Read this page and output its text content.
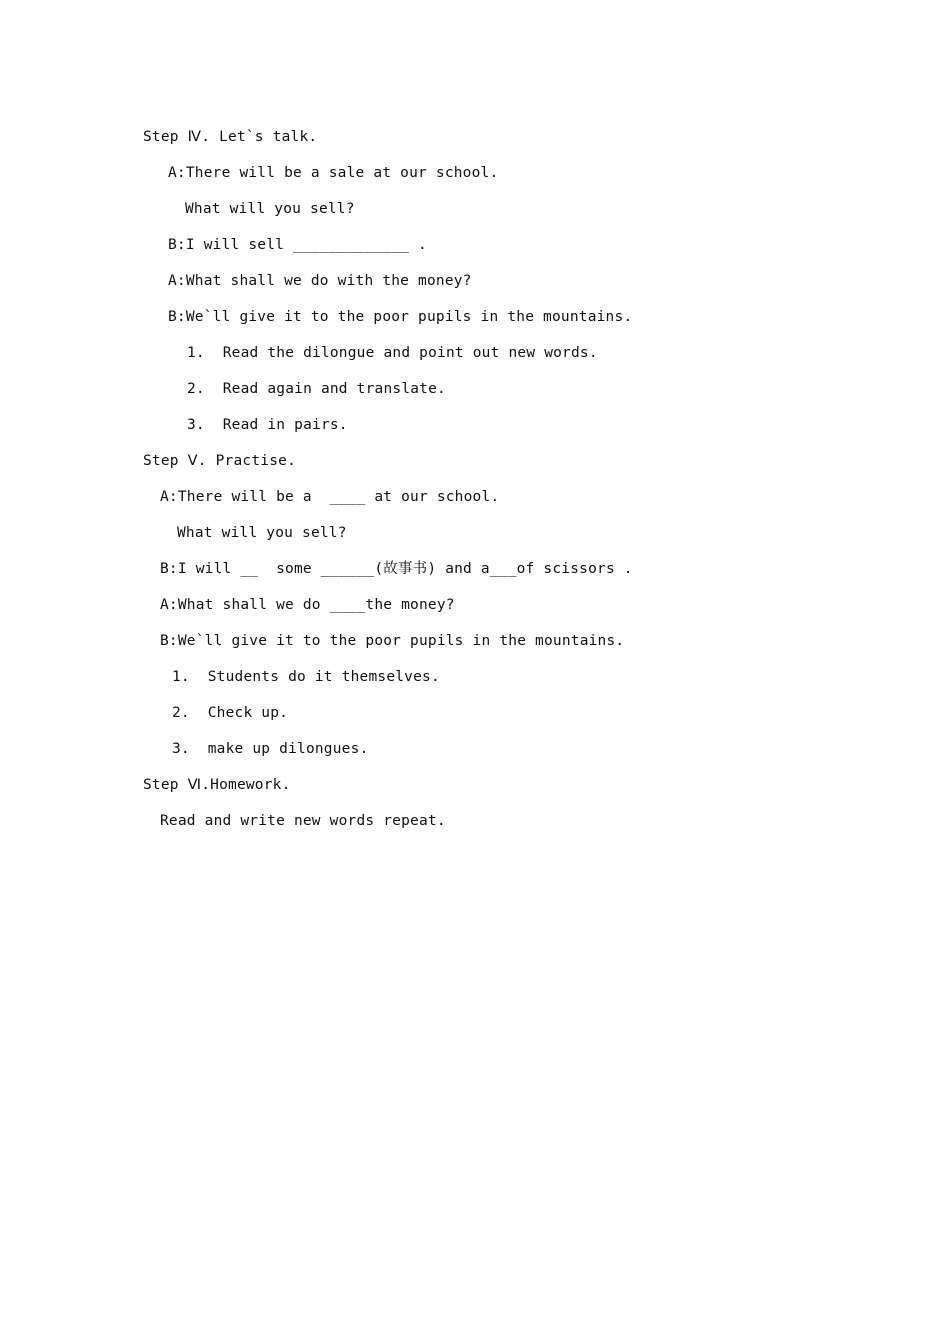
Step Ⅳ. Let`s talk.
A:There will be a sale at our school.
What will you sell?
B:I will sell _____________ .
A:What shall we do with the money?
B:We`ll give it to the poor pupils in the mountains.
1.  Read the dilongue and point out new words.
2.  Read again and translate.
3.  Read in pairs.
Step Ⅴ. Practise.
A:There will be a  ____ at our school.
What will you sell?
B:I will __  some ______(故事书) and a___of scissors .
A:What shall we do ____the money?
B:We`ll give it to the poor pupils in the mountains.
1.  Students do it themselves.
2.  Check up.
3.  make up dilongues.
Step Ⅵ.Homework.
Read and write new words repeat.
